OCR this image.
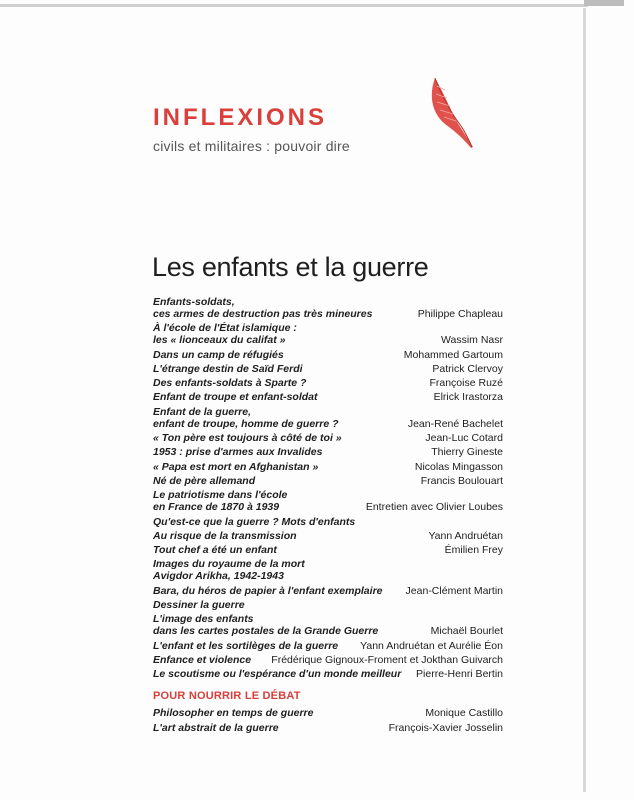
INFLEXIONS
civils et militaires : pouvoir dire
Les enfants et la guerre
Enfants-soldats,
ces armes de destruction pas très mineures	Philippe Chapleau
À l'école de l'État islamique :
les « lionceaux du califat »	Wassim Nasr
Dans un camp de réfugiés	Mohammed Gartoum
L'étrange destin de Saïd Ferdi	Patrick Clervoy
Des enfants-soldats à Sparte ?	Françoise Ruzé
Enfant de troupe et enfant-soldat	Elrick Irastorza
Enfant de la guerre,
enfant de troupe, homme de guerre ?	Jean-René Bachelet
« Ton père est toujours à côté de toi »	Jean-Luc Cotard
1953 : prise d'armes aux Invalides	Thierry Gineste
« Papa est mort en Afghanistan »	Nicolas Mingasson
Né de père allemand	Francis Boulouart
Le patriotisme dans l'école
en France de 1870 à 1939	Entretien avec Olivier Loubes
Qu'est-ce que la guerre ? Mots d'enfants
Au risque de la transmission	Yann Andruétan
Tout chef a été un enfant	Émilien Frey
Images du royaume de la mort
Avigdor Arikha, 1942-1943
Bara, du héros de papier à l'enfant exemplaire	Jean-Clément Martin
Dessiner la guerre
L'image des enfants
dans les cartes postales de la Grande Guerre	Michaël Bourlet
L'enfant et les sortilèges de la guerre	Yann Andruétan et Aurélie Éon
Enfance et violence	Frédérique Gignoux-Froment et Jokthan Guivarch
Le scoutisme ou l'espérance d'un monde meilleur	Pierre-Henri Bertin
POUR NOURRIR LE DÉBAT
Philosopher en temps de guerre	Monique Castillo
L'art abstrait de la guerre	François-Xavier Josselin
